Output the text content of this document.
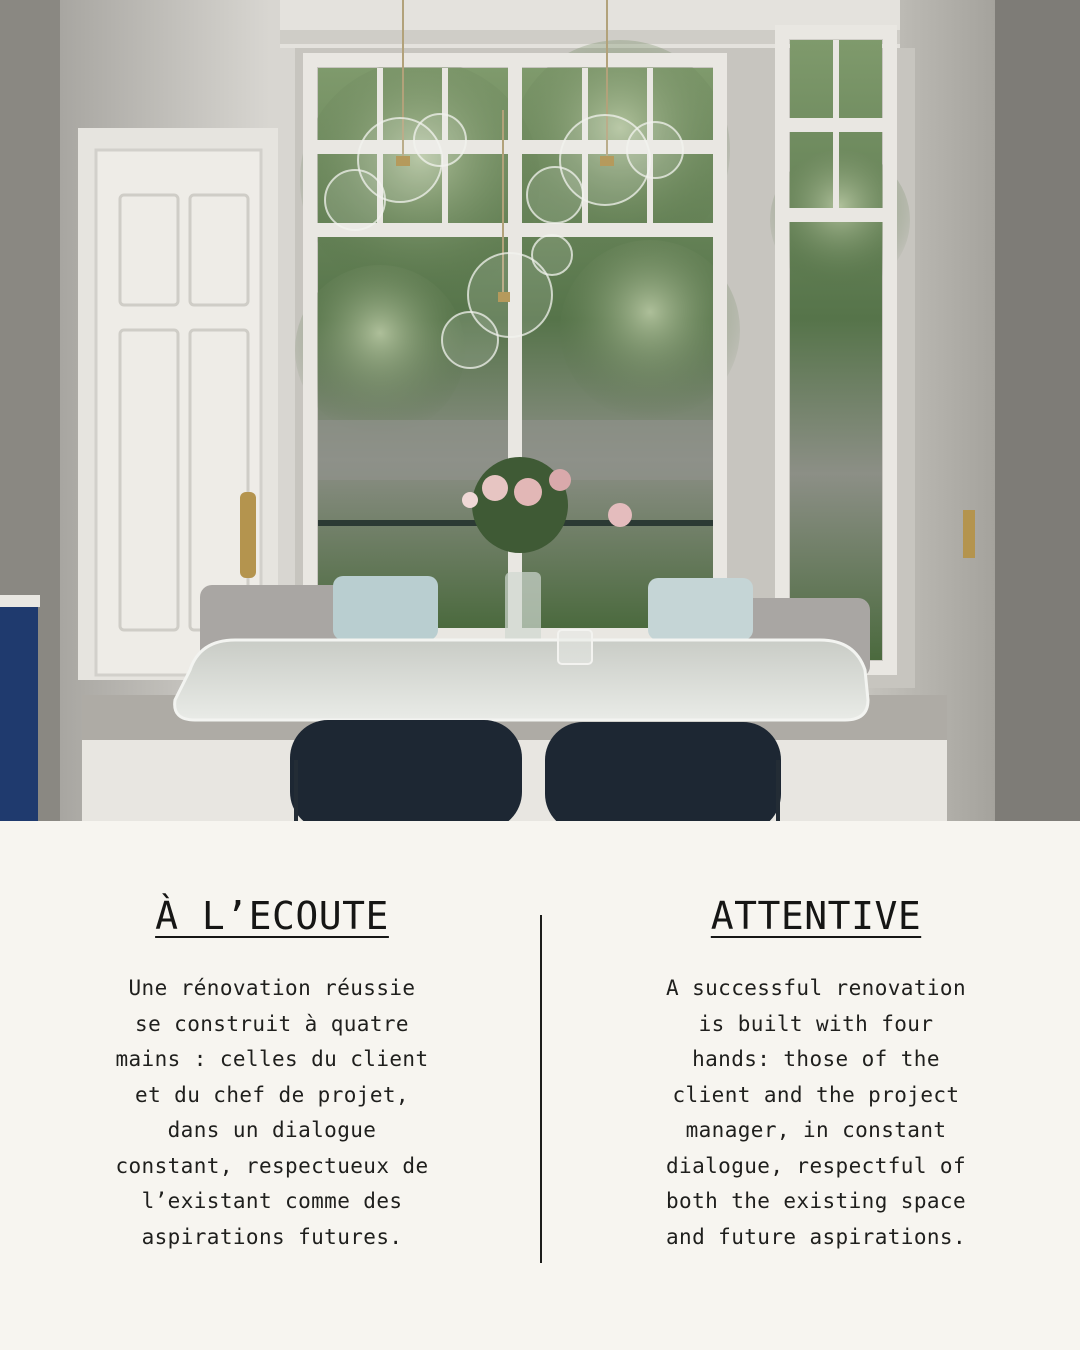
À L’ECOUTE

Une rénovation réussie
se construit à quatre
mains : celles du client
et du chef de projet,
dans un dialogue
constant, respectueux de
l’existant comme des
aspirations futures.

ATTENTIVE

A successful renovation
is built with four
hands: those of the
client and the project
manager, in constant
dialogue, respectful of
both the existing space
and future aspirations.
